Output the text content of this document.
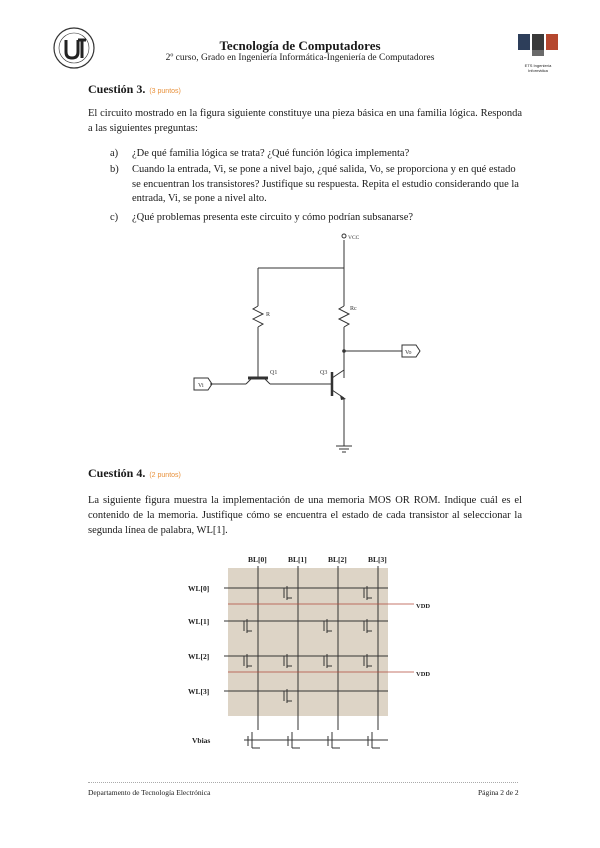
Tecnología de Computadores
2º curso, Grado en Ingeniería Informática-Ingeniería de Computadores
ETS Ingeniería Informática
Cuestión 3. (3 puntos)
El circuito mostrado en la figura siguiente constituye una pieza básica en una familia lógica. Responda a las siguientes preguntas:
a) ¿De qué familia lógica se trata? ¿Qué función lógica implementa?
b) Cuando la entrada, Vi, se pone a nivel bajo, ¿qué salida, Vo, se proporciona y en qué estado se encuentran los transistores? Justifique su respuesta. Repita el estudio considerando que la entrada, Vi, se pone a nivel alto.
c) ¿Qué problemas presenta este circuito y cómo podrían subsanarse?
VCC
R
Rc
Q1	Q3
Vi
Vo
Cuestión 4. (2 puntos)
La siguiente figura muestra la implementación de una memoria MOS OR ROM. Indique cuál es el contenido de la memoria. Justifique cómo se encuentra el estado de cada transistor al seleccionar la segunda línea de palabra, WL[1].
BL[0]	BL[1]	BL[2]	BL[3]
WL[0]
WL[1]
WL[2]
WL[3]
VDD
VDD
Vbias
Departamento de Tecnología Electrónica	Página 2 de 2
